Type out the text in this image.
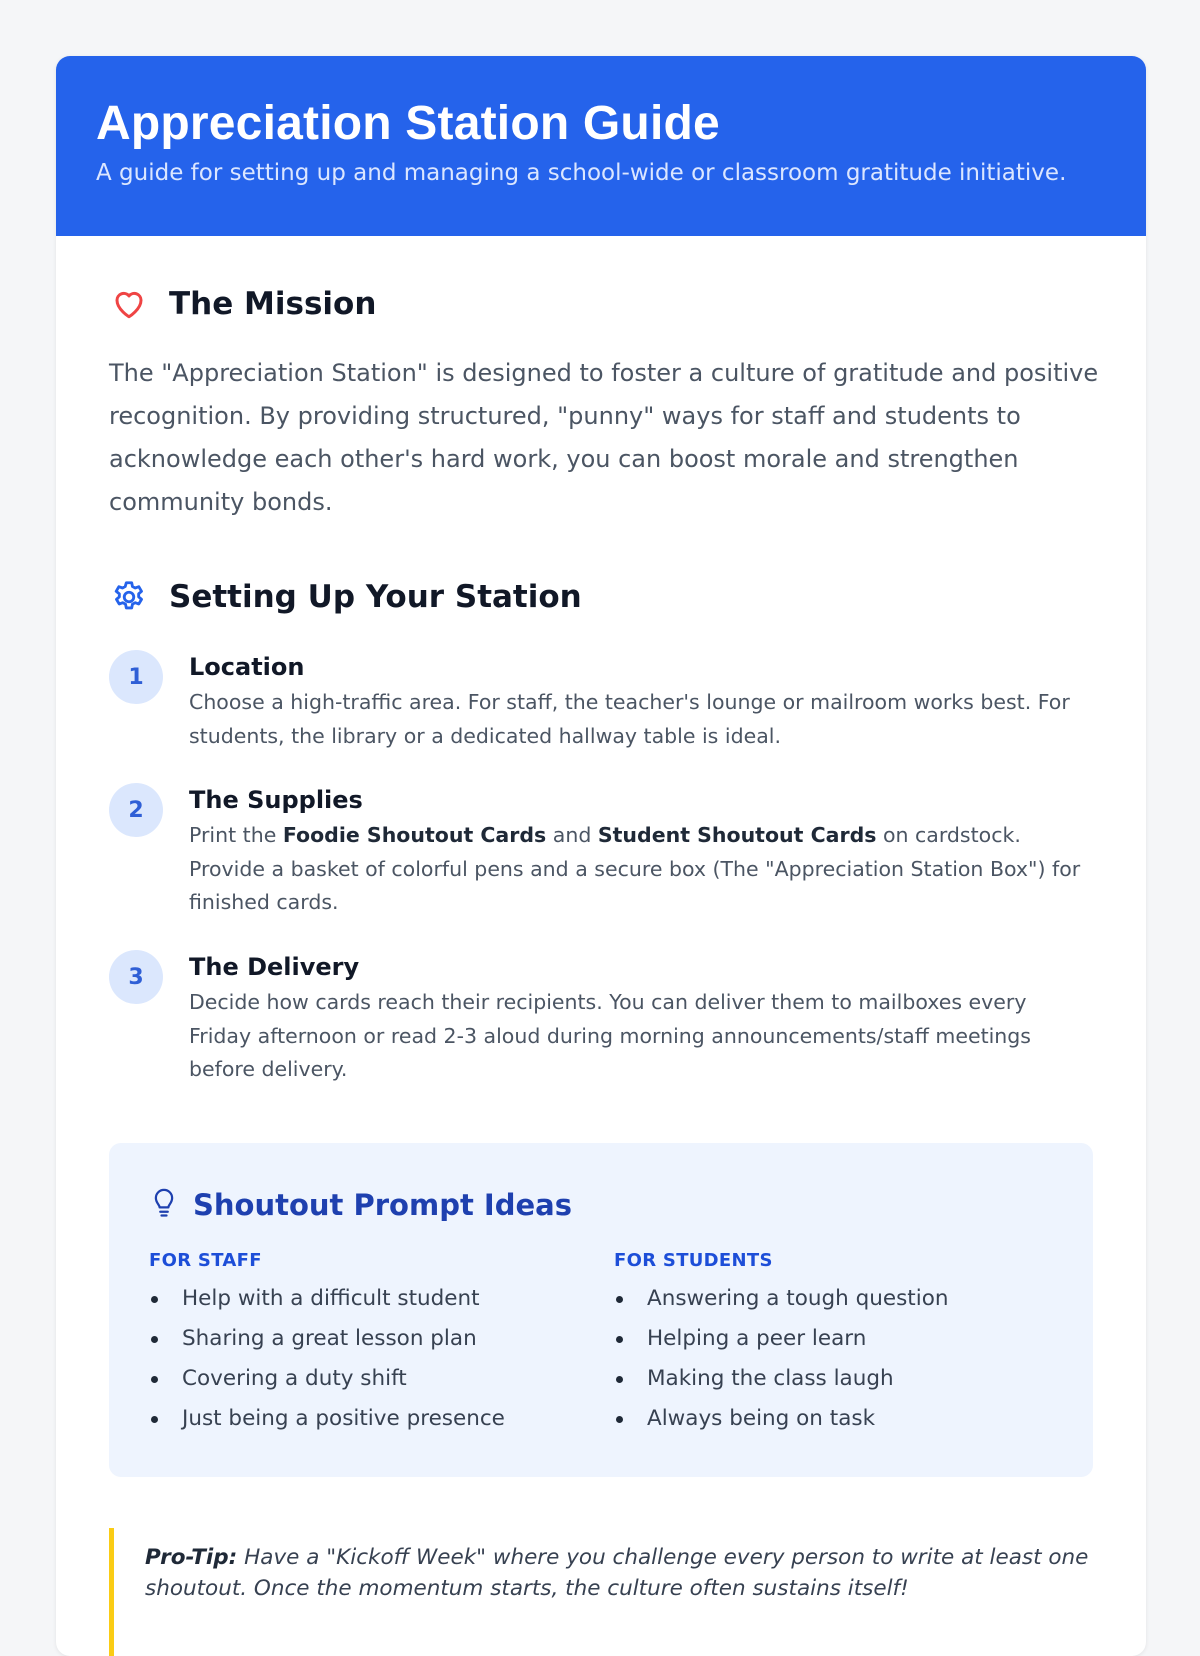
Appreciation Station Guide

A guide for setting up and managing a school-wide or classroom gratitude initiative.

The Mission

The "Appreciation Station" is designed to foster a culture of gratitude and positive recognition. By providing structured, "punny" ways for staff and students to acknowledge each other's hard work, you can boost morale and strengthen community bonds.

Setting Up Your Station
1	Location

Choose a high-traffic area. For staff, the teacher's lounge or mailroom works best. For students, the library or a dedicated hallway table is ideal.

2	The Supplies

Print the Foodie Shoutout Cards and Student Shoutout Cards on cardstock. Provide a basket of colorful pens and a secure box (The "Appreciation Station Box") for finished cards.

3	The Delivery

Decide how cards reach their recipients. You can deliver them to mailboxes every Friday afternoon or read 2-3 aloud during morning announcements/staff meetings before delivery.

Shoutout Prompt Ideas
FOR STAFF
Help with a difficult student
Sharing a great lesson plan
Covering a duty shift
Just being a positive presence
FOR STUDENTS
Answering a tough question
Helping a peer learn
Making the class laugh
Always being on task

Pro-Tip: Have a "Kickoff Week" where you challenge every person to write at least one shoutout. Once the momentum starts, the culture often sustains itself!
